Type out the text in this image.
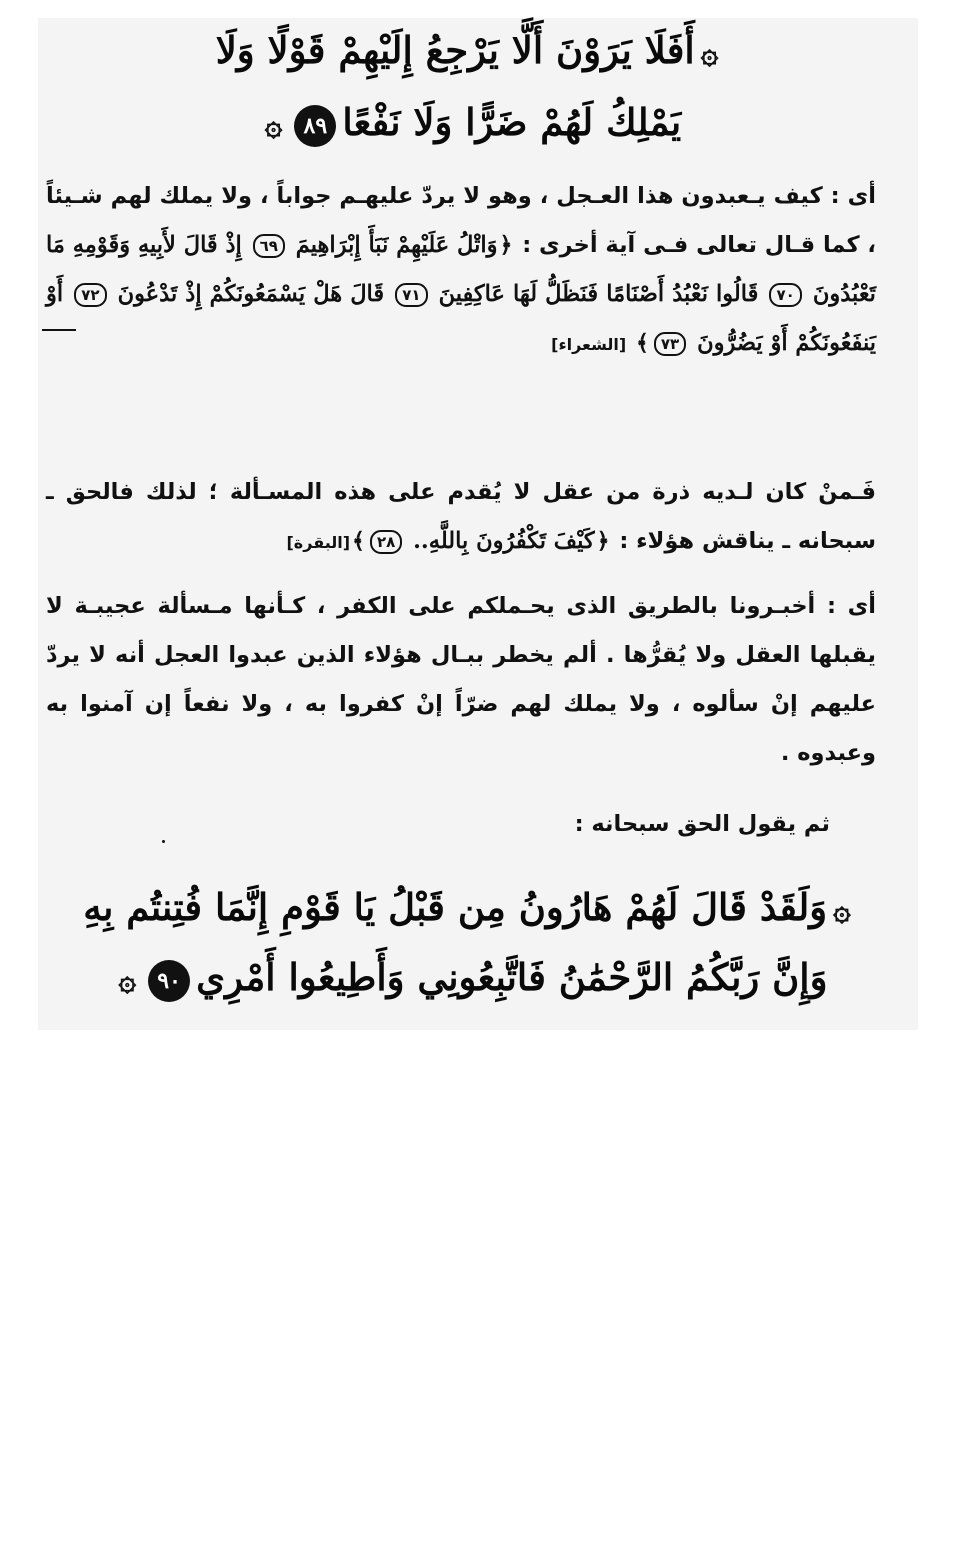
۞أَفَلَا يَرَوْنَ أَلَّا يَرْجِعُ إِلَيْهِمْ قَوْلًا وَلَا
يَمْلِكُ لَهُمْ ضَرًّا وَلَا نَفْعًا٨٩۞
أى : كيف يـعبدون هذا العـجل ، وهو لا يردّ عليهـم جواباً ، ولا يملك لهم شـيئاً ، كما قـال تعالى فـى آية أخرى : ﴿وَاتْلُ عَلَيْهِمْ نَبَأَ إِبْرَاهِيمَ ٦٩ إِذْ قَالَ لأَبِيهِ وَقَوْمِهِ مَا تَعْبُدُونَ ٧٠ قَالُوا نَعْبُدُ أَصْنَامًا فَنَظَلُّ لَهَا عَاكِفِينَ ٧١ قَالَ هَلْ يَسْمَعُونَكُمْ إِذْ تَدْعُونَ ٧٢ أَوْ يَنفَعُونَكُمْ أَوْ يَضُرُّونَ ٧٣﴾ [الشعراء]
فَـمنْ كان لـديه ذرة من عقل لا يُقدم على هذه المسـألة ؛ لذلك فالحق ـ سبحانه ـ يناقش هؤلاء : ﴿كَيْفَ تَكْفُرُونَ بِاللَّهِ.. ٢٨﴾[البقرة]
أى : أخبـرونا بالطريق الذى يحـملكم على الكفر ، كـأنها مـسألة عجيبـة لا يقبلها العقل ولا يُقرُّها . ألم يخطر ببـال هؤلاء الذين عبدوا العجل أنه لا يردّ عليهم إنْ سألوه ، ولا يملك لهم ضرّاً إنْ كفروا به ، ولا نفعاً إن آمنوا به وعبدوه .
ثم يقول الحق سبحانه :
۞وَلَقَدْ قَالَ لَهُمْ هَارُونُ مِن قَبْلُ يَا قَوْمِ إِنَّمَا فُتِنتُم بِهِ
وَإِنَّ رَبَّكُمُ الرَّحْمَٰنُ فَاتَّبِعُونِي وَأَطِيعُوا أَمْرِي٩٠۞
